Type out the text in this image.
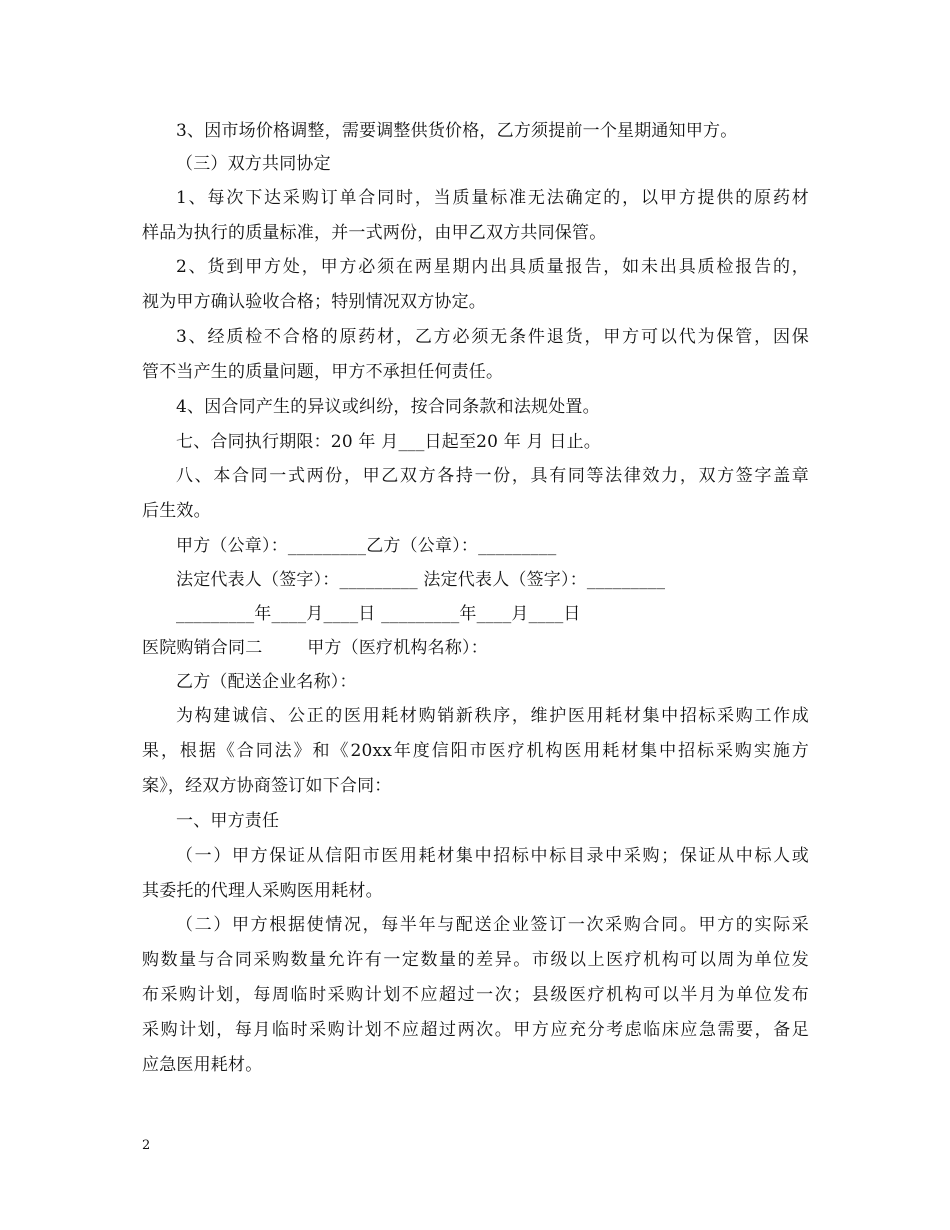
3、因市场价格调整，需要调整供货价格，乙方须提前一个星期通知甲方。
（三）双方共同协定
1、每次下达采购订单合同时，当质量标准无法确定的，以甲方提供的原药材
样品为执行的质量标准，并一式两份，由甲乙双方共同保管。
2、货到甲方处，甲方必须在两星期内出具质量报告，如未出具质检报告的，
视为甲方确认验收合格；特别情况双方协定。
3、经质检不合格的原药材，乙方必须无条件退货，甲方可以代为保管，因保
管不当产生的质量问题，甲方不承担任何责任。
4、因合同产生的异议或纠纷，按合同条款和法规处置。
七、合同执行期限：20 年 月___日起至20 年 月 日止。
八、本合同一式两份，甲乙双方各持一份，具有同等法律效力，双方签字盖章
后生效。
甲方（公章）：_________乙方（公章）：_________
法定代表人（签字）：_________ 法定代表人（签字）：_________
_________年____月____日 _________年____月____日
医院购销合同二        甲方（医疗机构名称）：
乙方（配送企业名称）：
为构建诚信、公正的医用耗材购销新秩序，维护医用耗材集中招标采购工作成
果，根据《合同法》和《20xx年度信阳市医疗机构医用耗材集中招标采购实施方
案》，经双方协商签订如下合同：
一、甲方责任
（一）甲方保证从信阳市医用耗材集中招标中标目录中采购；保证从中标人或
其委托的代理人采购医用耗材。
（二）甲方根据使情况，每半年与配送企业签订一次采购合同。甲方的实际采
购数量与合同采购数量允许有一定数量的差异。市级以上医疗机构可以周为单位发
布采购计划，每周临时采购计划不应超过一次；县级医疗机构可以半月为单位发布
采购计划，每月临时采购计划不应超过两次。甲方应充分考虑临床应急需要，备足
应急医用耗材。
2
